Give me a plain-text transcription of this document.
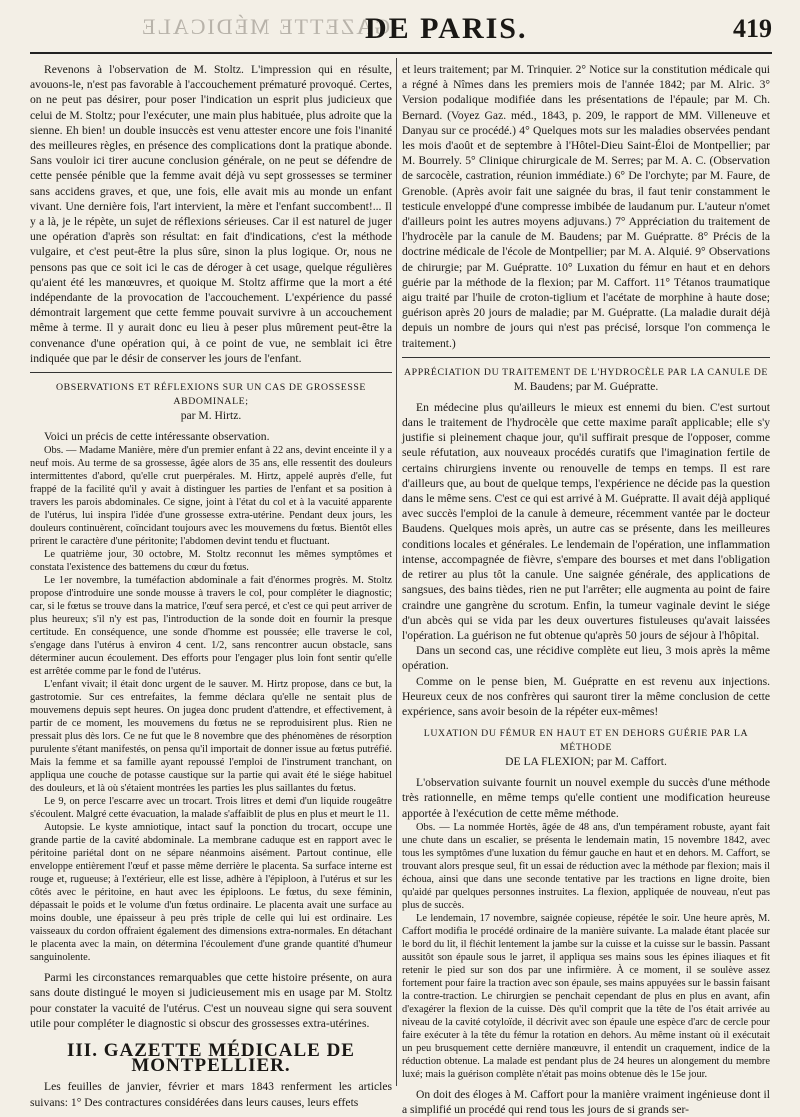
GAZETTE MÉDICALE
DE PARIS.	419

Revenons à l'observation de M. Stoltz. L'impression qui en résulte, avouons-le, n'est pas favorable à l'accouchement prématuré provoqué. Certes, on ne peut pas désirer, pour poser l'indication un esprit plus judicieux que celui de M. Stoltz; pour l'exécuter, une main plus habituée, plus adroite que la sienne. Eh bien! un double insuccès est venu attester encore une fois l'inanité des meilleures règles, en présence des complications dont la pratique abonde. Sans vouloir ici tirer aucune conclusion générale, on ne peut se défendre de cette pensée pénible que la femme avait déjà vu sept grossesses se terminer sans accidens graves, et que, une fois, elle avait mis au monde un enfant vivant. Une dernière fois, l'art intervient, la mère et l'enfant succombent!... Il y a là, je le répète, un sujet de réflexions sérieuses. Car il est naturel de juger une opération d'après son résultat: en fait d'indications, c'est la méthode vulgaire, et c'est peut-être la plus sûre, sinon la plus logique. Or, nous ne pensons pas que ce soit ici le cas de déroger à cet usage, quelque régulières qu'aient été les manœuvres, et quoique M. Stoltz affirme que la mort a été indépendante de la provocation de l'accouchement. L'expérience du passé démontrait largement que cette femme pouvait survivre à un accouchement même à terme. Il y aurait donc eu lieu à peser plus mûrement peut-être la convenance d'une opération qui, à ce point de vue, ne semblait ici être indiquée que par le désir de conserver les jours de l'enfant.

OBSERVATIONS ET RÉFLEXIONS SUR UN CAS DE GROSSESSE ABDOMINALE;
par M. Hirtz.

Voici un précis de cette intéressante observation.

Obs. — Madame Manière, mère d'un premier enfant à 22 ans, devint enceinte il y a neuf mois. Au terme de sa grossesse, âgée alors de 35 ans, elle ressentit des douleurs intermittentes d'abord, qu'elle crut puerpérales. M. Hirtz, appelé auprès d'elle, fut frappé de la facilité qu'il y avait à distinguer les parties de l'enfant et sa position à travers les parois abdominales. Ce signe, joint à l'état du col et à la vacuité apparente de l'utérus, lui inspira l'idée d'une grossesse extra-utérine. Pendant deux jours, les douleurs continuèrent, coïncidant toujours avec les mouvemens du fœtus. Bientôt elles prirent le caractère d'une péritonite; l'abdomen devint tendu et fluctuant.

Le quatrième jour, 30 octobre, M. Stoltz reconnut les mêmes symptômes et constata l'existence des battemens du cœur du fœtus.

Le 1er novembre, la tuméfaction abdominale a fait d'énormes progrès. M. Stoltz propose d'introduire une sonde mousse à travers le col, pour compléter le diagnostic; car, si le fœtus se trouve dans la matrice, l'œuf sera percé, et c'est ce qui peut arriver de plus heureux; s'il n'y est pas, l'introduction de la sonde doit en fournir la presque certitude. En conséquence, une sonde d'homme est poussée; elle traverse le col, s'engage dans l'utérus à environ 4 cent. 1/2, sans rencontrer aucun obstacle, sans déterminer aucun écoulement. Des efforts pour l'engager plus loin font sentir qu'elle est arrêtée comme par le fond de l'utérus.

L'enfant vivait; il était donc urgent de le sauver. M. Hirtz propose, dans ce but, la gastrotomie. Sur ces entrefaites, la femme déclara qu'elle ne sentait plus de mouvemens depuis sept heures. On jugea donc prudent d'attendre, et effectivement, à partir de ce moment, les mouvemens du fœtus ne se reproduisirent plus. Rien ne pressait plus dès lors. Ce ne fut que le 8 novembre que des phénomènes de résorption purulente s'étant manifestés, on pensa qu'il importait de donner issue au fœtus putréfié. Mais la femme et sa famille ayant repoussé l'emploi de l'instrument tranchant, on appliqua une couche de potasse caustique sur la partie qui avait été le siége habituel des douleurs, et là où s'étaient montrées les parties les plus saillantes du fœtus.

Le 9, on perce l'escarre avec un trocart. Trois litres et demi d'un liquide rougeâtre s'écoulent. Malgré cette évacuation, la malade s'affaiblit de plus en plus et meurt le 11.

Autopsie. Le kyste amniotique, intact sauf la ponction du trocart, occupe une grande partie de la cavité abdominale. La membrane caduque est en rapport avec le péritoine pariétal dont on ne sépare néanmoins aisément. Partout continue, elle enveloppe entièrement l'œuf et passe même derrière le placenta. Sa surface interne est rouge et, rugueuse; à l'extérieur, elle est lisse, adhère à l'épiploon, à l'utérus et sur les côtés avec le péritoine, en haut avec les épiploons. Le fœtus, du sexe féminin, dépassait le poids et le volume d'un fœtus ordinaire. Le placenta avait une surface au moins double, une épaisseur à peu près triple de celle qui lui est ordinaire. Les vaisseaux du cordon offraient également des dimensions extra-normales. En détachant le placenta avec la main, on détermina l'écoulement d'une grande quantité d'humeur sanguinolente.

Parmi les circonstances remarquables que cette histoire présente, on aura sans doute distingué le moyen si judicieusement mis en usage par M. Stoltz pour constater la vacuité de l'utérus. C'est un nouveau signe qui sera souvent utile pour compléter le diagnostic si obscur des grossesses extra-utérines.

III. GAZETTE MÉDICALE DE MONTPELLIER.

Les feuilles de janvier, février et mars 1843 renferment les articles suivans: 1° Des contractures considérées dans leurs causes, leurs effets

et leurs traitement; par M. Trinquier. 2° Notice sur la constitution médicale qui a régné à Nîmes dans les premiers mois de l'année 1842; par M. Alric. 3° Version podalique modifiée dans les présentations de l'épaule; par M. Ch. Bernard. (Voyez Gaz. méd., 1843, p. 209, le rapport de MM. Villeneuve et Danyau sur ce procédé.) 4° Quelques mots sur les maladies observées pendant les mois d'août et de septembre à l'Hôtel-Dieu Saint-Éloi de Montpellier; par M. Bourrely. 5° Clinique chirurgicale de M. Serres; par M. A. C. (Observation de sarcocèle, castration, réunion immédiate.) 6° De l'orchyte; par M. Faure, de Grenoble. (Après avoir fait une saignée du bras, il faut tenir constamment le testicule enveloppé d'une compresse imbibée de laudanum pur. L'auteur n'omet d'ailleurs point les autres moyens adjuvans.) 7° Appréciation du traitement de l'hydrocèle par la canule de M. Baudens; par M. Guépratte. 8° Précis de la doctrine médicale de l'école de Montpellier; par M. A. Alquié. 9° Observations de chirurgie; par M. Guépratte. 10° Luxation du fémur en haut et en dehors guérie par la méthode de la flexion; par M. Caffort. 11° Tétanos traumatique aigu traité par l'huile de croton-tiglium et l'acétate de morphine à haute dose; guérison après 20 jours de maladie; par M. Guépratte. (La maladie durait déjà depuis un nombre de jours qui n'est pas précisé, lorsque l'on commença le traitement.)

APPRÉCIATION DU TRAITEMENT DE L'HYDROCÈLE PAR LA CANULE DE
M. Baudens; par M. Guépratte.

En médecine plus qu'ailleurs le mieux est ennemi du bien. C'est surtout dans le traitement de l'hydrocèle que cette maxime paraît applicable; elle s'y justifie si pleinement chaque jour, qu'il suffirait presque de l'opposer, comme seule réfutation, aux nouveaux procédés curatifs que l'imagination fertile de certains chirurgiens invente ou renouvelle de temps en temps. Il est rare d'ailleurs que, au bout de quelque temps, l'expérience ne décide pas la question dans le même sens. C'est ce qui est arrivé à M. Guépratte. Il avait déjà appliqué avec succès l'emploi de la canule à demeure, récemment vantée par le docteur Baudens. Quelques mois après, un autre cas se présente, dans les meilleures conditions locales et générales. Le lendemain de l'opération, une inflammation intense, accompagnée de fièvre, s'empare des bourses et met dans l'obligation de retirer au plus tôt la canule. Une saignée générale, des applications de sangsues, des bains tièdes, rien ne put l'arrêter; elle augmenta au point de faire craindre une gangrène du scrotum. Enfin, la tumeur vaginale devint le siége d'un abcès qui se vida par les deux ouvertures fistuleuses qu'avait laissées l'opération. La guérison ne fut obtenue qu'après 50 jours de séjour à l'hôpital.

Dans un second cas, une récidive complète eut lieu, 3 mois après la même opération.

Comme on le pense bien, M. Guépratte en est revenu aux injections. Heureux ceux de nos confrères qui sauront tirer la même conclusion de cette expérience, sans avoir besoin de la répéter eux-mêmes!

LUXATION DU FÉMUR EN HAUT ET EN DEHORS GUÉRIE PAR LA MÉTHODE
DE LA FLEXION; par M. Caffort.

L'observation suivante fournit un nouvel exemple du succès d'une méthode très rationnelle, en même temps qu'elle contient une modification heureuse apportée à l'exécution de cette même méthode.

Obs. — La nommée Hortès, âgée de 48 ans, d'un tempérament robuste, ayant fait une chute dans un escalier, se présenta le lendemain matin, 15 novembre 1842, avec tous les symptômes d'une luxation du fémur gauche en haut et en dehors. M. Caffort, se trouvant alors presque seul, fit un essai de réduction avec la méthode par flexion; mais il échoua, ainsi que dans une seconde tentative par les tractions en ligne droite, bien qu'aidé par quelques personnes instruites. La flexion, appliquée de nouveau, n'eut pas plus de succès.

Le lendemain, 17 novembre, saignée copieuse, répétée le soir. Une heure après, M. Caffort modifia le procédé ordinaire de la manière suivante. La malade étant placée sur le bord du lit, il fléchit lentement la jambe sur la cuisse et la cuisse sur le bassin. Passant aussitôt son épaule sous le jarret, il appliqua ses mains sous les épines iliaques et fit retenir le pied sur son dos par une infirmière. À ce moment, il se soulève assez fortement pour faire la traction avec son épaule, ses mains appuyées sur le bassin faisant la contre-traction. Le chirurgien se penchait cependant de plus en plus en avant, afin d'exagérer la flexion de la cuisse. Dès qu'il comprit que la tête de l'os était arrivée au niveau de la cavité cotyloïde, il décrivit avec son épaule une espèce d'arc de cercle pour faire exécuter à la tête du fémur la rotation en dehors. Au même instant où il exécutait un peu brusquement cette dernière manœuvre, il entendit un craquement, indice de la réduction obtenue. La malade est pendant plus de 24 heures un alongement du membre luxé; mais la guérison complète n'était pas moins obtenue dès le 15e jour.

On doit des éloges à M. Caffort pour la manière vraiment ingénieuse dont il a simplifié un procédé qui rend tous les jours de si grands ser-
